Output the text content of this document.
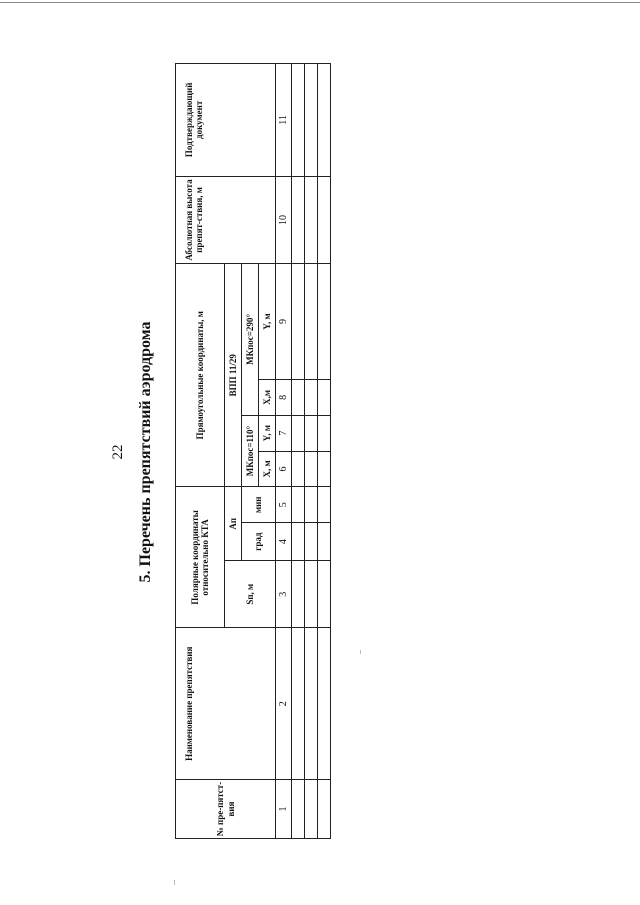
22 5. Перечень препятствий аэродрома
№ пре-пятст-вия	Наименование препятствия	Полярные координаты относительно КТА			Прямоугольные координаты, м				Абсолютная высота препят-ствия, м	Подтверждающий документ
		Sп, м	Ап		ВПП 11/29					
			град	мин	МКпос=110°		МКпос=290°			
					X, м	Y, м	X,м	Y, м		
1	2	3	4	5	6	7	8	9	10	11
